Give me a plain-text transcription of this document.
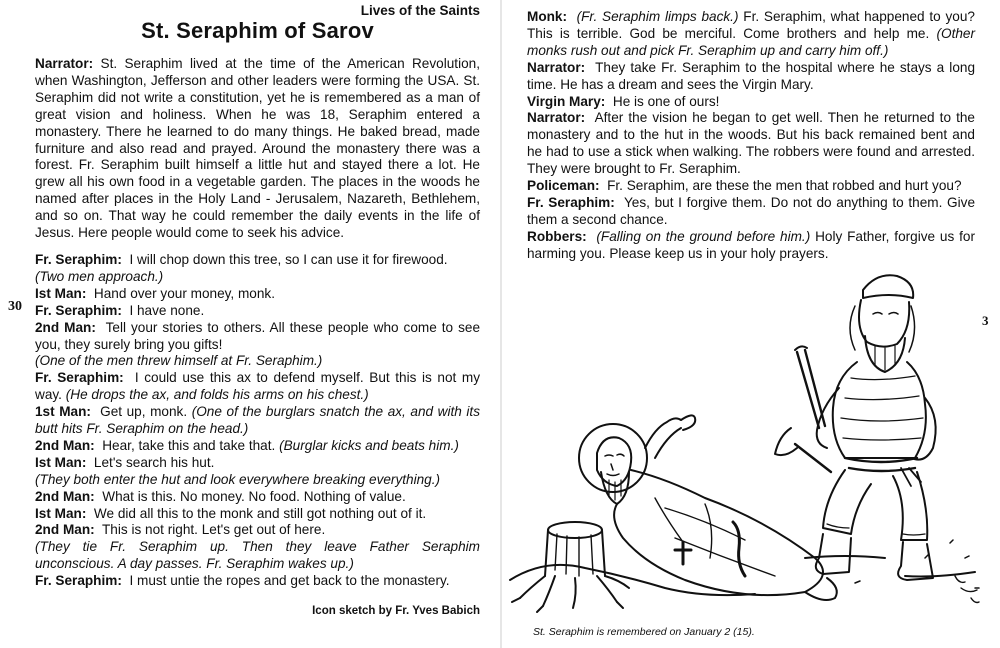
Lives of the Saints
St. Seraphim of Sarov

Narrator: St. Seraphim lived at the time of the American Revolution, when Washington, Jefferson and other leaders were forming the USA. St. Seraphim did not write a constitution, yet he is remembered as a man of great vision and holiness. When he was 18, Seraphim entered a monastery. There he learned to do many things. He baked bread, made furniture and also read and prayed. Around the monastery there was a forest. Fr. Seraphim built himself a little hut and stayed there a lot. He grew all his own food in a vegetable garden. The places in the woods he named after places in the Holy Land - Jerusalem, Nazareth, Bethlehem, and so on. That way he could remember the daily events in the life of Jesus. Here people would come to seek his advice.

Fr. Seraphim: I will chop down this tree, so I can use it for firewood.

(Two men approach.)

Ist Man: Hand over your money, monk.

Fr. Seraphim: I have none.

2nd Man: Tell your stories to others. All these people who come to see you, they surely bring you gifts!

(One of the men threw himself at Fr. Seraphim.)

Fr. Seraphim: I could use this ax to defend myself. But this is not my way. (He drops the ax, and folds his arms on his chest.)

1st Man: Get up, monk. (One of the burglars snatch the ax, and with its butt hits Fr. Seraphim on the head.)

2nd Man: Hear, take this and take that. (Burglar kicks and beats him.)

Ist Man: Let's search his hut.

(They both enter the hut and look everywhere breaking everything.)

2nd Man: What is this. No money. No food. Nothing of value.

Ist Man: We did all this to the monk and still got nothing out of it.

2nd Man: This is not right. Let's get out of here.

(They tie Fr. Seraphim up. Then they leave Father Seraphim unconscious. A day passes. Fr. Seraphim wakes up.)

Fr. Seraphim: I must untie the ropes and get back to the monastery.

Icon sketch by Fr. Yves Babich
30
3

Monk: (Fr. Seraphim limps back.) Fr. Seraphim, what happened to you? This is terrible. God be merciful. Come brothers and help me. (Other monks rush out and pick Fr. Seraphim up and carry him off.)

Narrator: They take Fr. Seraphim to the hospital where he stays a long time. He has a dream and sees the Virgin Mary.

Virgin Mary: He is one of ours!

Narrator: After the vision he began to get well. Then he returned to the monastery and to the hut in the woods. But his back remained bent and he had to use a stick when walking. The robbers were found and arrested. They were brought to Fr. Seraphim.

Policeman: Fr. Seraphim, are these the men that robbed and hurt you?

Fr. Seraphim: Yes, but I forgive them. Do not do anything to them. Give them a second chance.

Robbers: (Falling on the ground before him.) Holy Father, forgive us for harming you. Please keep us in your holy prayers.

St. Seraphim is remembered on January 2 (15).
